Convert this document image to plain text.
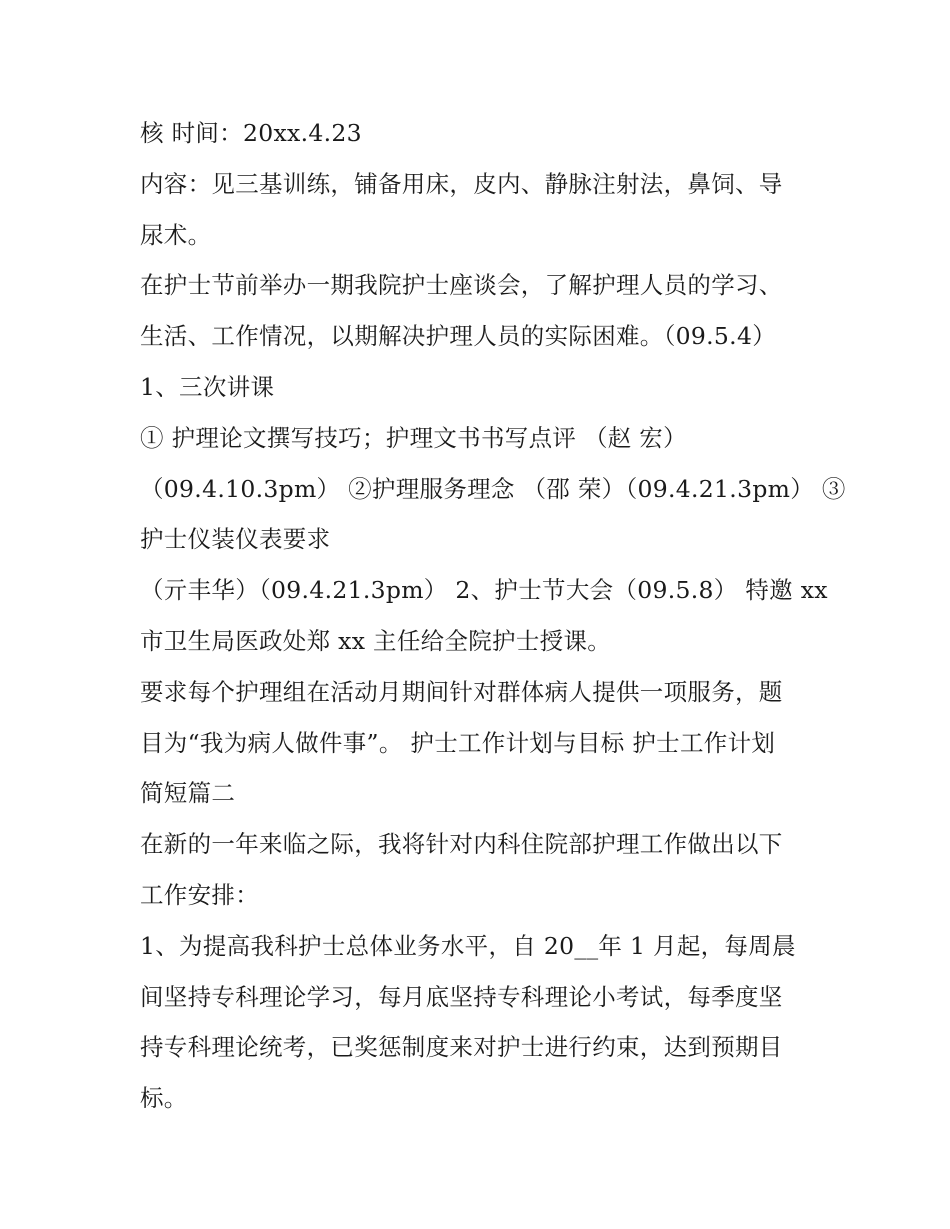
核 时间：20xx.4.23
内容：见三基训练，铺备用床，皮内、静脉注射法，鼻饲、导
尿术。
在护士节前举办一期我院护士座谈会，了解护理人员的学习、
生活、工作情况，以期解决护理人员的实际困难。（09.5.4）
1、三次讲课
① 护理论文撰写技巧；护理文书书写点评 （赵 宏）
（09.4.10.3pm） ②护理服务理念 （邵 荣）（09.4.21.3pm） ③
护士仪装仪表要求
（亓丰华）（09.4.21.3pm） 2、护士节大会（09.5.8） 特邀 xx
市卫生局医政处郑 xx 主任给全院护士授课。
要求每个护理组在活动月期间针对群体病人提供一项服务，题
目为“我为病人做件事”。 护士工作计划与目标 护士工作计划
简短篇二
在新的一年来临之际，我将针对内科住院部护理工作做出以下
工作安排：
1、为提高我科护士总体业务水平，自 20__年 1 月起，每周晨
间坚持专科理论学习，每月底坚持专科理论小考试，每季度坚
持专科理论统考，已奖惩制度来对护士进行约束，达到预期目
标。
